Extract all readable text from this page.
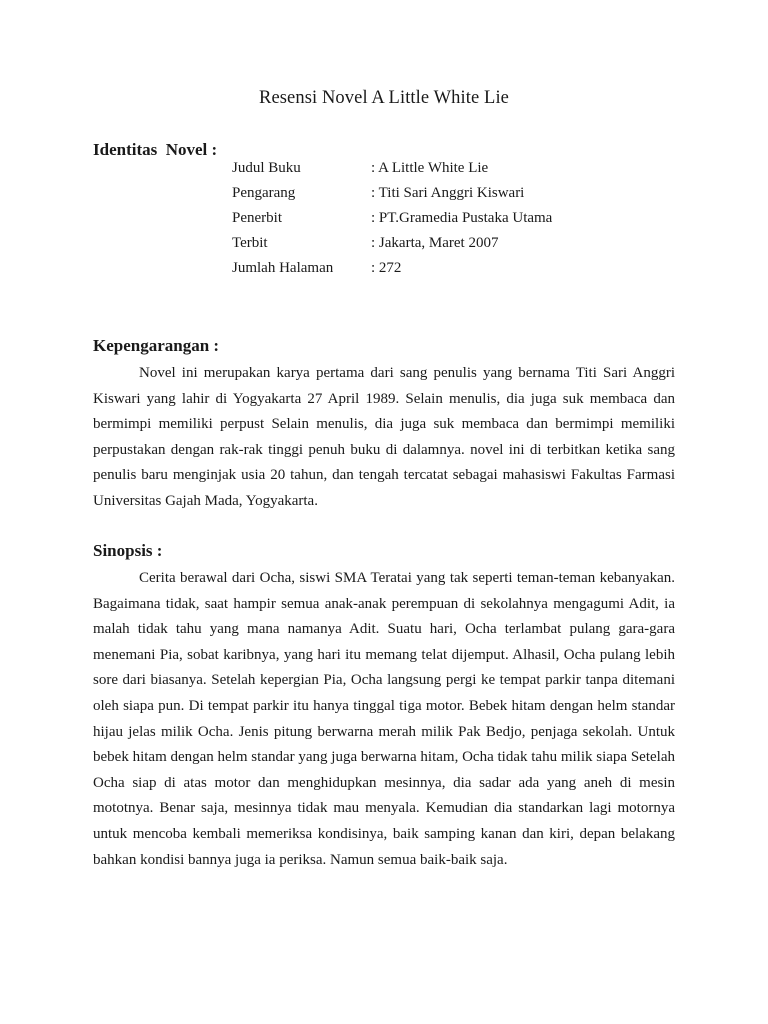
Resensi Novel A Little White Lie
Identitas  Novel :
Judul Buku	: A Little White Lie
Pengarang	: Titi Sari Anggri Kiswari
Penerbit	: PT.Gramedia Pustaka Utama
Terbit	: Jakarta, Maret 2007
Jumlah Halaman	: 272
Kepengarangan :

Novel ini merupakan karya pertama dari sang penulis yang bernama Titi Sari Anggri Kiswari yang lahir di Yogyakarta 27 April 1989. Selain menulis, dia juga suk membaca dan bermimpi memiliki perpust Selain menulis, dia juga suk membaca dan bermimpi memiliki perpustakan dengan rak-rak tinggi penuh buku di dalamnya. novel ini di terbitkan ketika sang penulis baru menginjak usia 20 tahun, dan tengah tercatat sebagai mahasiswi Fakultas Farmasi Universitas Gajah Mada, Yogyakarta.

Sinopsis :

Cerita berawal dari Ocha, siswi SMA Teratai yang tak seperti teman-teman kebanyakan. Bagaimana tidak, saat hampir semua anak-anak perempuan di sekolahnya mengagumi Adit, ia malah tidak tahu yang mana namanya Adit. Suatu hari, Ocha terlambat pulang gara-gara menemani Pia, sobat karibnya, yang hari itu memang telat dijemput. Alhasil, Ocha pulang lebih sore dari biasanya. Setelah kepergian Pia, Ocha langsung pergi ke tempat parkir tanpa ditemani oleh siapa pun. Di tempat parkir itu hanya tinggal tiga motor. Bebek hitam dengan helm standar hijau jelas milik Ocha. Jenis pitung berwarna merah milik Pak Bedjo, penjaga sekolah. Untuk bebek hitam dengan helm standar yang juga berwarna hitam, Ocha tidak tahu milik siapa Setelah Ocha siap di atas motor dan menghidupkan mesinnya, dia sadar ada yang aneh di mesin mototnya. Benar saja, mesinnya tidak mau menyala. Kemudian dia standarkan lagi motornya untuk mencoba kembali memeriksa kondisinya, baik samping kanan dan kiri, depan belakang bahkan kondisi bannya juga ia periksa. Namun semua baik-baik saja.
